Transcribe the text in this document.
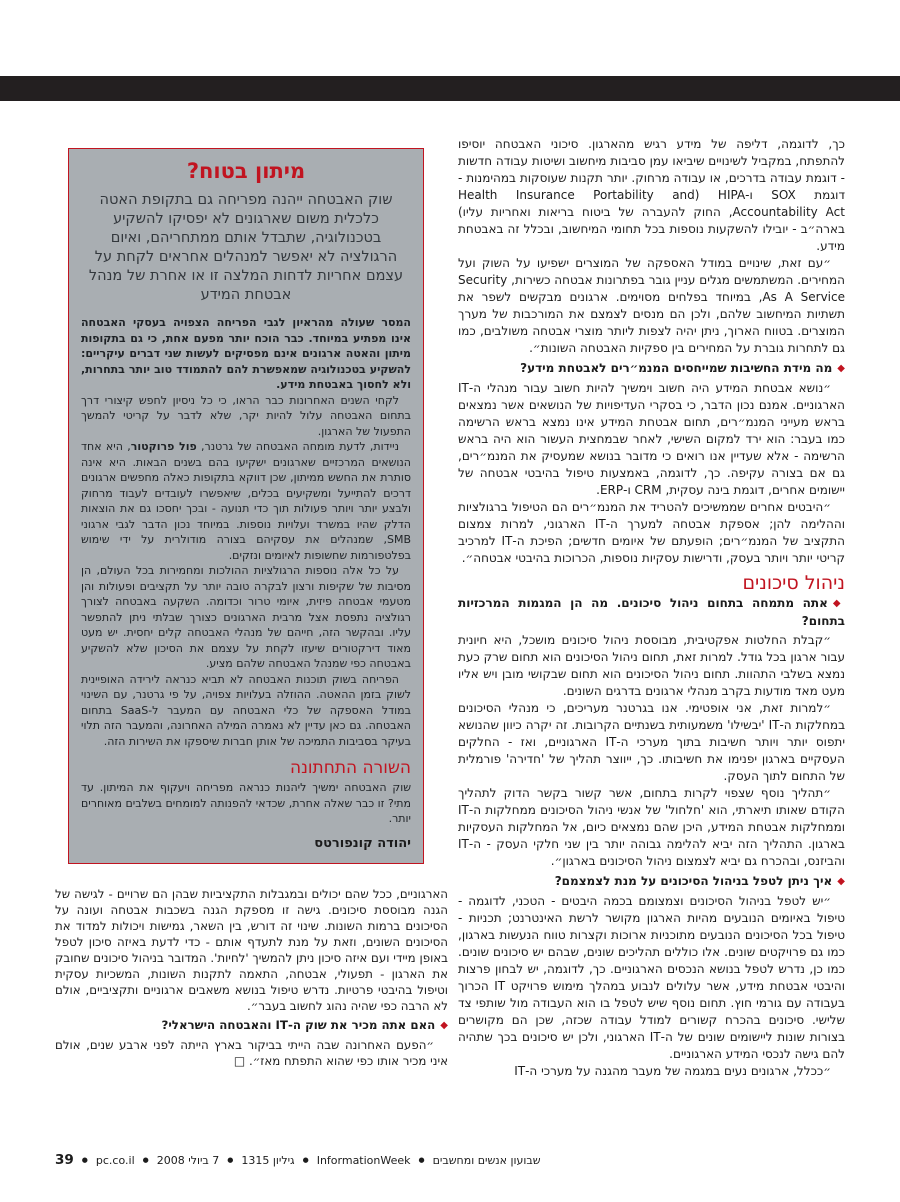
מיתון בטוח?

שוק האבטחה ייהנה מפריחה גם בתקופת האטה כלכלית משום שארגונים לא יפסיקו להשקיע בטכנולוגיה, שתבדל אותם ממתחריהם, ואיום הרגולציה לא יאפשר למנהלים אחראים לקחת על עצמם אחריות לדחות המלצה זו או אחרת של מנהל אבטחת המידע

המסר שעולה מהראיון לגבי הפריחה הצפויה בעסקי האבטחה אינו מפתיע במיוחד. כבר הוכח יותר מפעם אחת, כי גם בתקופות מיתון והאטה ארגונים אינם מפסיקים לעשות שני דברים עיקריים: להשקיע בטכנולוגיה שמאפשרת להם להתמודד טוב יותר בתחרות, ולא לחסוך באבטחת מידע.

לקחי השנים האחרונות כבר הראו, כי כל ניסיון לחפש קיצורי דרך בתחום האבטחה עלול להיות יקר, שלא לדבר על קריטי להמשך התפעול של הארגון.

ניידות, לדעת מומחה האבטחה של גרטנר, פול פרוקטור, היא אחד הנושאים המרכזיים שארגונים ישקיעו בהם בשנים הבאות. היא אינה סותרת את החשש ממיתון, שכן דווקא בתקופות כאלה מחפשים ארגונים דרכים להתייעל ומשקיעים בכלים, שיאפשרו לעובדים לעבוד מרחוק ולבצע יותר ויותר פעולות תוך כדי תנועה - ובכך יחסכו גם את הוצאות הדלק שהיו במשרד ועלויות נוספות. במיוחד נכון הדבר לגבי ארגוני SMB, שמנהלים את עסקיהם בצורה מודולרית על ידי שימוש בפלטפורמות שחשופות לאיומים ונזקים.

על כל אלה נוספות הרגולציות ההולכות ומחמירות בכל העולם, הן מסיבות של שקיפות ורצון לבקרה טובה יותר על תקציבים ופעולות והן מטעמי אבטחה פיזית, איומי טרור וכדומה. השקעה באבטחה לצורך רגולציה נתפסת אצל מרבית הארגונים כצורך שבלתי ניתן להתפשר עליו. ובהקשר הזה, חייהם של מנהלי האבטחה קלים יחסית. יש מעט מאוד דירקטורים שיעזו לקחת על עצמם את הסיכון שלא להשקיע באבטחה כפי שמנהל האבטחה שלהם מציע.

הפריחה בשוק תוכנות האבטחה לא תביא כנראה לירידה האופיינית לשוק בזמן ההאטה. ההוזלה בעלויות צפויה, על פי גרטנר, עם השינוי במודל האספקה של כלי האבטחה עם המעבר ל-SaaS בתחום האבטחה. גם כאן עדיין לא נאמרה המילה האחרונה, והמעבר הזה תלוי בעיקר בסביבות התמיכה של אותן חברות שיספקו את השירות הזה.

השורה התחתונה

שוק האבטחה ימשיך ליהנות כנראה מפריחה ויעקוף את המיתון. עד מתי? זו כבר שאלה אחרת, שכדאי להפנותה למומחים בשלבים מאוחרים יותר.

יהודה קונפורטס

הארגוניים, ככל שהם יכולים ובמגבלות התקציביות שבהן הם שרויים - לגישה של הגנה מבוססת סיכונים. גישה זו מספקת הגנה בשכבות אבטחה ועונה על הסיכונים ברמות השונות. שינוי זה דורש, בין השאר, גמישות ויכולות למדוד את הסיכונים השונים, וזאת על מנת לתעדף אותם - כדי לדעת באיזה סיכון לטפל באופן מיידי ועם איזה סיכון ניתן להמשיך 'לחיות'. המדובר בניהול סיכונים שחובק את הארגון - תפעולי, אבטחה, התאמה לתקנות השונות, המשכיות עסקית וטיפול בהיבטי פרטיות. נדרש טיפול בנושא משאבים ארגוניים ותקציביים, אולם לא הרבה כפי שהיה נהוג לחשוב בעבר״.

◆האם אתה מכיר את שוק ה-IT והאבטחה הישראלי?

״הפעם האחרונה שבה הייתי בביקור בארץ הייתה לפני ארבע שנים, אולם איני מכיר אותו כפי שהוא התפתח מאז״. □

כך, לדוגמה, דליפה של מידע רגיש מהארגון. סיכוני האבטחה יוסיפו להתפתח, במקביל לשינויים שיביאו עמן סביבות מיחשוב ושיטות עבודה חדשות - דוגמת עבודה בדרכים, או עבודה מרחוק. יותר תקנות שעוסקות במהימנות - דוגמת SOX ו-HIPA (Health Insurance Portability and Accountability Act, החוק להעברה של ביטוח בריאות ואחריות עליו) בארה״ב - יובילו להשקעות נוספות בכל תחומי המיחשוב, ובכלל זה באבטחת מידע.

״עם זאת, שינויים במודל האספקה של המוצרים ישפיעו על השוק ועל המחירים. המשתמשים מגלים עניין גובר בפתרונות אבטחה כשירות, Security As A Service, במיוחד בפלחים מסוימים. ארגונים מבקשים לשפר את תשתיות המיחשוב שלהם, ולכן הם מנסים לצמצם את המורכבות של מערך המוצרים. בטווח הארוך, ניתן יהיה לצפות ליותר מוצרי אבטחה משולבים, כמו גם לתחרות גוברת על המחירים בין ספקיות האבטחה השונות״.

◆מה מידת החשיבות שמייחסים המנמ״רים לאבטחת מידע?

״נושא אבטחת המידע היה חשוב וימשיך להיות חשוב עבור מנהלי ה-IT הארגוניים. אמנם נכון הדבר, כי בסקרי העדיפויות של הנושאים אשר נמצאים בראש מעייני המנמ״רים, תחום אבטחת המידע אינו נמצא בראש הרשימה כמו בעבר: הוא ירד למקום השישי, לאחר שבמחצית העשור הוא היה בראש הרשימה - אלא שעדיין אנו רואים כי מדובר בנושא שמעסיק את המנמ״רים, גם אם בצורה עקיפה. כך, לדוגמה, באמצעות טיפול בהיבטי אבטחה של יישומים אחרים, דוגמת בינה עסקית, CRM ו-ERP.

״היבטים אחרים שממשיכים להטריד את המנמ״רים הם הטיפול ברגולציות וההלימה להן; אספקת אבטחה למערך ה-IT הארגוני, למרות צמצום התקציב של המנמ״רים; הופעתם של איומים חדשים; הפיכת ה-IT למרכיב קריטי יותר ויותר בעסק, ודרישות עסקיות נוספות, הכרוכות בהיבטי אבטחה״.

ניהול סיכונים

◆אתה מתמחה בתחום ניהול סיכונים. מה הן המגמות המרכזיות בתחום?

״קבלת החלטות אפקטיבית, מבוססת ניהול סיכונים מושכל, היא חיונית עבור ארגון בכל גודל. למרות זאת, תחום ניהול הסיכונים הוא תחום שרק כעת נמצא בשלבי התהוות. תחום ניהול הסיכונים הוא תחום שבקושי מובן ויש אליו מעט מאד מודעות בקרב מנהלי ארגונים בדרגים השונים.

״למרות זאת, אני אופטימי. אנו בגרטנר מעריכים, כי מנהלי הסיכונים במחלקות ה-IT 'יבשילו' משמעותית בשנתיים הקרובות. זה יקרה כיוון שהנושא יתפוס יותר ויותר חשיבות בתוך מערכי ה-IT הארגוניים, ואז - החלקים העסקיים בארגון יפנימו את חשיבותו. כך, ייווצר תהליך של 'חדירה' פורמלית של התחום לתוך העסק.

״תהליך נוסף שצפוי לקרות בתחום, אשר קשור בקשר הדוק לתהליך הקודם שאותו תיארתי, הוא 'חלחול' של אנשי ניהול הסיכונים ממחלקות ה-IT וממחלקות אבטחת המידע, היכן שהם נמצאים כיום, אל המחלקות העסקיות בארגון. התהליך הזה יביא להלימה גבוהה יותר בין שני חלקי העסק - ה-IT והביזנס, ובהכרח גם יביא לצמצום ניהול הסיכונים בארגון״.

◆איך ניתן לטפל בניהול הסיכונים על מנת לצמצמם?

״יש לטפל בניהול הסיכונים וצמצומם בכמה היבטים - הטכני, לדוגמה - טיפול באיומים הנובעים מהיות הארגון מקושר לרשת האינטרנט; תכניות - טיפול בכל הסיכונים הנובעים מתוכניות ארוכות וקצרות טווח הנעשות בארגון, כמו גם פרויקטים שונים. אלו כוללים תהליכים שונים, שבהם יש סיכונים שונים. כמו כן, נדרש לטפל בנושא הנכסים הארגוניים. כך, לדוגמה, יש לבחון פרצות והיבטי אבטחת מידע, אשר עלולים לנבוע במהלך מימוש פרויקט IT הכרוך בעבודה עם גורמי חוץ. תחום נוסף שיש לטפל בו הוא העבודה מול שותפי צד שלישי. סיכונים בהכרח קשורים למודל עבודה שכזה, שכן הם מקושרים בצורות שונות ליישומים שונים של ה-IT הארגוני, ולכן יש סיכונים בכך שתהיה להם גישה לנכסי המידע הארגוניים.

״ככלל, ארגונים נעים במגמה של מעבר מהגנה על מערכי ה-IT

39 ● pc.co.il ● 7 ביולי 2008 ● גיליון 1315 ● InformationWeek ● שבועון אנשים ומחשבים
